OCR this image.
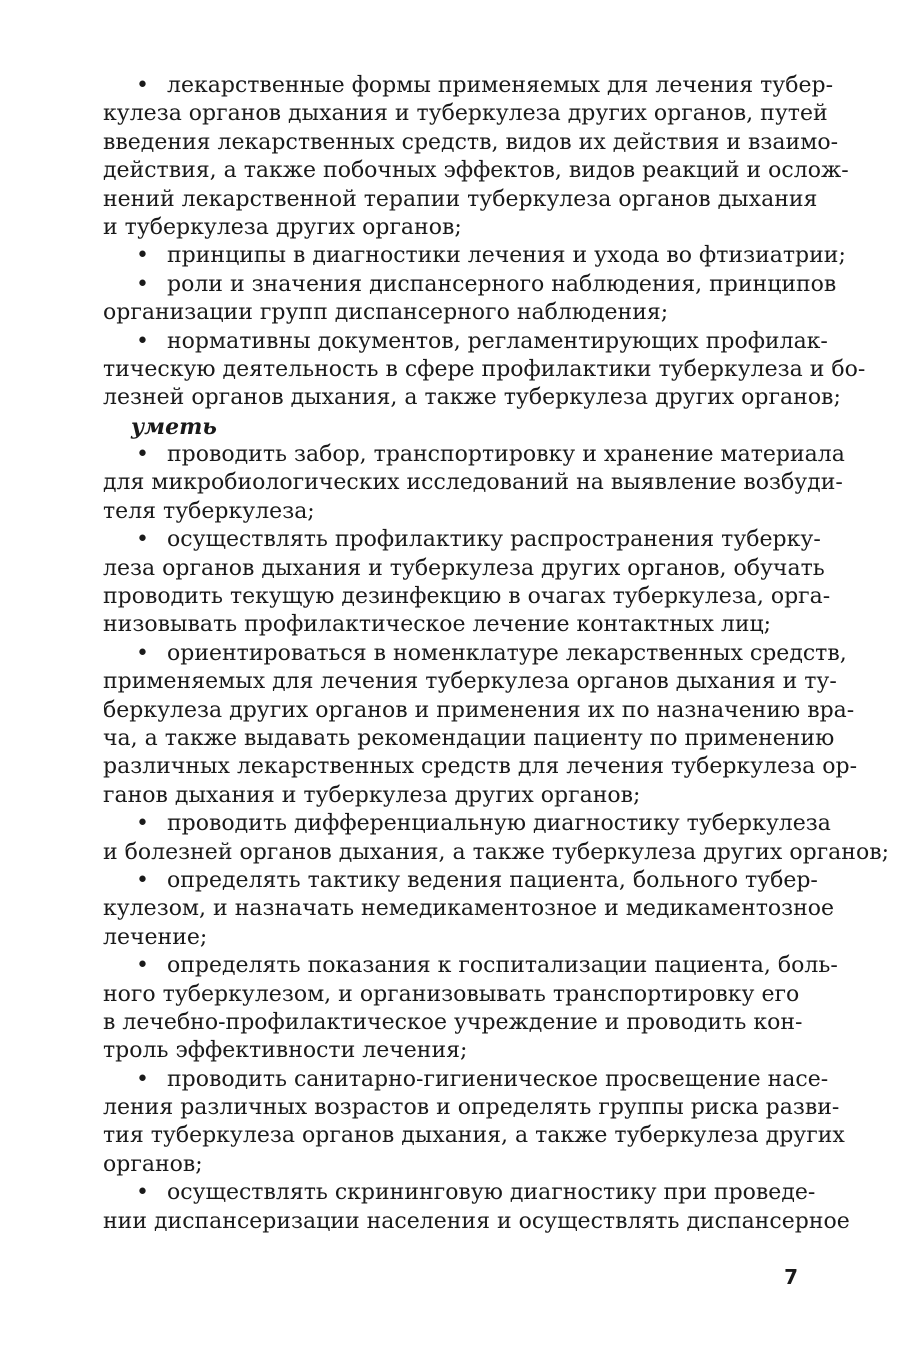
• лекарственные формы применяемых для лечения тубер-
кулеза органов дыхания и туберкулеза других органов, путей
введения лекарственных средств, видов их действия и взаимо-
действия, а также побочных эффектов, видов реакций и ослож-
нений лекарственной терапии туберкулеза органов дыхания
и туберкулеза других органов;
• принципы в диагностики лечения и ухода во фтизиатрии;
• роли и значения диспансерного наблюдения, принципов
организации групп диспансерного наблюдения;
• нормативны документов, регламентирующих профилак-
тическую деятельность в сфере профилактики туберкулеза и бо-
лезней органов дыхания, а также туберкулеза других органов;
уметь
• проводить забор, транспортировку и хранение материала
для микробиологических исследований на выявление возбуди-
теля туберкулеза;
• осуществлять профилактику распространения туберку-
леза органов дыхания и туберкулеза других органов, обучать
проводить текущую дезинфекцию в очагах туберкулеза, орга-
низовывать профилактическое лечение контактных лиц;
• ориентироваться в номенклатуре лекарственных средств,
применяемых для лечения туберкулеза органов дыхания и ту-
беркулеза других органов и применения их по назначению вра-
ча, а также выдавать рекомендации пациенту по применению
различных лекарственных средств для лечения туберкулеза ор-
ганов дыхания и туберкулеза других органов;
• проводить дифференциальную диагностику туберкулеза
и болезней органов дыхания, а также туберкулеза других органов;
• определять тактику ведения пациента, больного тубер-
кулезом, и назначать немедикаментозное и медикаментозное
лечение;
• определять показания к госпитализации пациента, боль-
ного туберкулезом, и организовывать транспортировку его
в лечебно-профилактическое учреждение и проводить кон-
троль эффективности лечения;
• проводить санитарно-гигиеническое просвещение насе-
ления различных возрастов и определять группы риска разви-
тия туберкулеза органов дыхания, а также туберкулеза других
органов;
• осуществлять скрининговую диагностику при проведе-
нии диспансеризации населения и осуществлять диспансерное
7
